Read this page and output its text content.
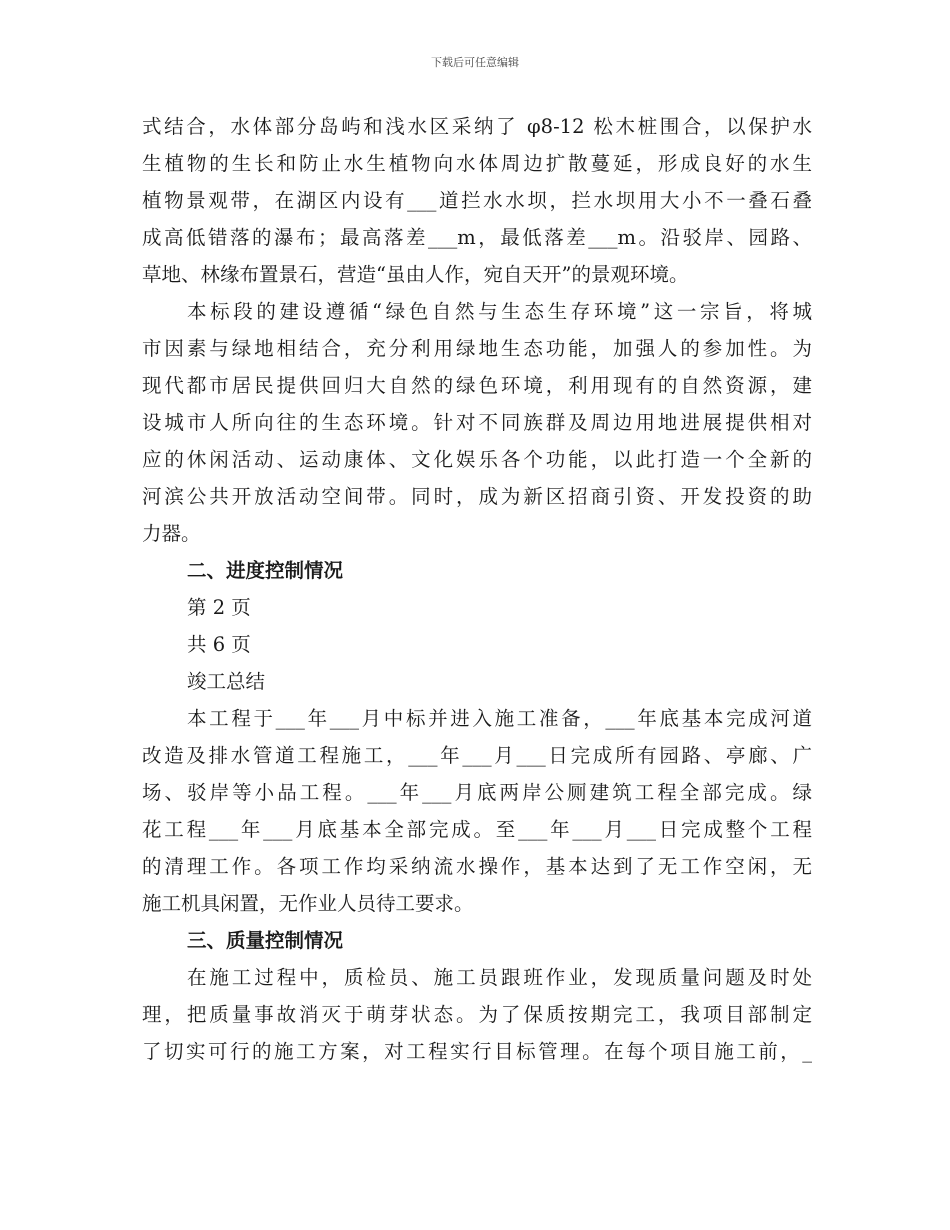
下载后可任意编辑
式结合，水体部分岛屿和浅水区采纳了 φ8-12 松木桩围合，以保护水
生植物的生长和防止水生植物向水体周边扩散蔓延，形成良好的水生
植物景观带，在湖区内设有___道拦水水坝，拦水坝用大小不一叠石叠
成高低错落的瀑布；最高落差___m，最低落差___m。沿驳岸、园路、
草地、林缘布置景石，营造“虽由人作，宛自天开”的景观环境。
本标段的建设遵循“绿色自然与生态生存环境”这一宗旨，将城
市因素与绿地相结合，充分利用绿地生态功能，加强人的参加性。为
现代都市居民提供回归大自然的绿色环境，利用现有的自然资源，建
设城市人所向往的生态环境。针对不同族群及周边用地进展提供相对
应的休闲活动、运动康体、文化娱乐各个功能，以此打造一个全新的
河滨公共开放活动空间带。同时，成为新区招商引资、开发投资的助
力器。
二、进度控制情况
第 2 页
共 6 页
竣工总结
本工程于___年___月中标并进入施工准备，___年底基本完成河道
改造及排水管道工程施工，___年___月___日完成所有园路、亭廊、广
场、驳岸等小品工程。___年___月底两岸公厕建筑工程全部完成。绿
花工程___年___月底基本全部完成。至___年___月___日完成整个工程
的清理工作。各项工作均采纳流水操作，基本达到了无工作空闲，无
施工机具闲置，无作业人员待工要求。
三、质量控制情况
在施工过程中，质检员、施工员跟班作业，发现质量问题及时处
理，把质量事故消灭于萌芽状态。为了保质按期完工，我项目部制定
了切实可行的施工方案，对工程实行目标管理。在每个项目施工前，_
